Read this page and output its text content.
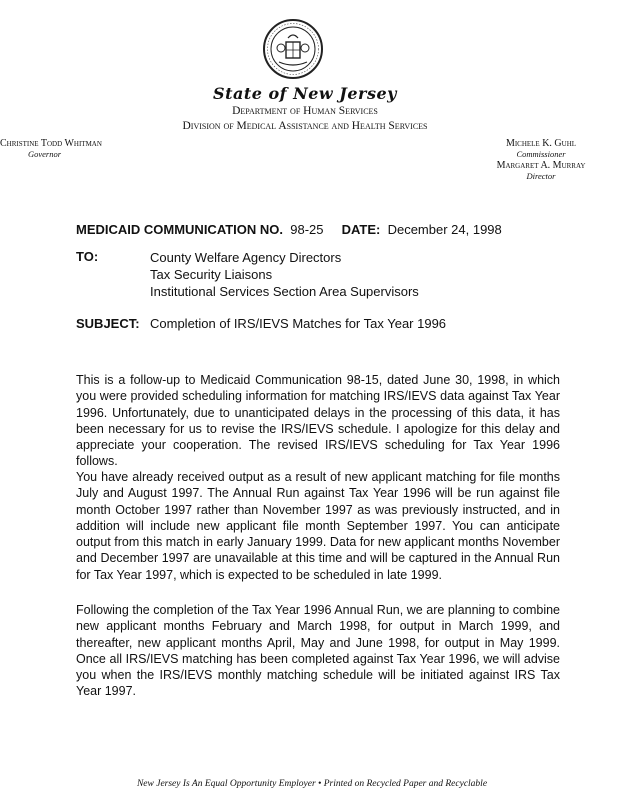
State of New Jersey
Department of Human Services
Division of Medical Assistance and Health Services
Christine Todd Whitman
Governor
Michele K. Guhl
Commissioner
Margaret A. Murray
Director
MEDICAID COMMUNICATION NO. 98-25 DATE: December 24, 1998
TO:	County Welfare Agency Directors
Tax Security Liaisons
Institutional Services Section Area Supervisors
SUBJECT: Completion of IRS/IEVS Matches for Tax Year 1996

This is a follow-up to Medicaid Communication 98-15, dated June 30, 1998, in which you were provided scheduling information for matching IRS/IEVS data against Tax Year 1996. Unfortunately, due to unanticipated delays in the processing of this data, it has been necessary for us to revise the IRS/IEVS schedule. I apologize for this delay and appreciate your cooperation. The revised IRS/IEVS scheduling for Tax Year 1996 follows.

You have already received output as a result of new applicant matching for file months July and August 1997. The Annual Run against Tax Year 1996 will be run against file month October 1997 rather than November 1997 as was previously instructed, and in addition will include new applicant file month September 1997. You can anticipate output from this match in early January 1999. Data for new applicant months November and December 1997 are unavailable at this time and will be captured in the Annual Run for Tax Year 1997, which is expected to be scheduled in late 1999.

Following the completion of the Tax Year 1996 Annual Run, we are planning to combine new applicant months February and March 1998, for output in March 1999, and thereafter, new applicant months April, May and June 1998, for output in May 1999. Once all IRS/IEVS matching has been completed against Tax Year 1996, we will advise you when the IRS/IEVS monthly matching schedule will be initiated against IRS Tax Year 1997.

New Jersey Is An Equal Opportunity Employer • Printed on Recycled Paper and Recyclable
